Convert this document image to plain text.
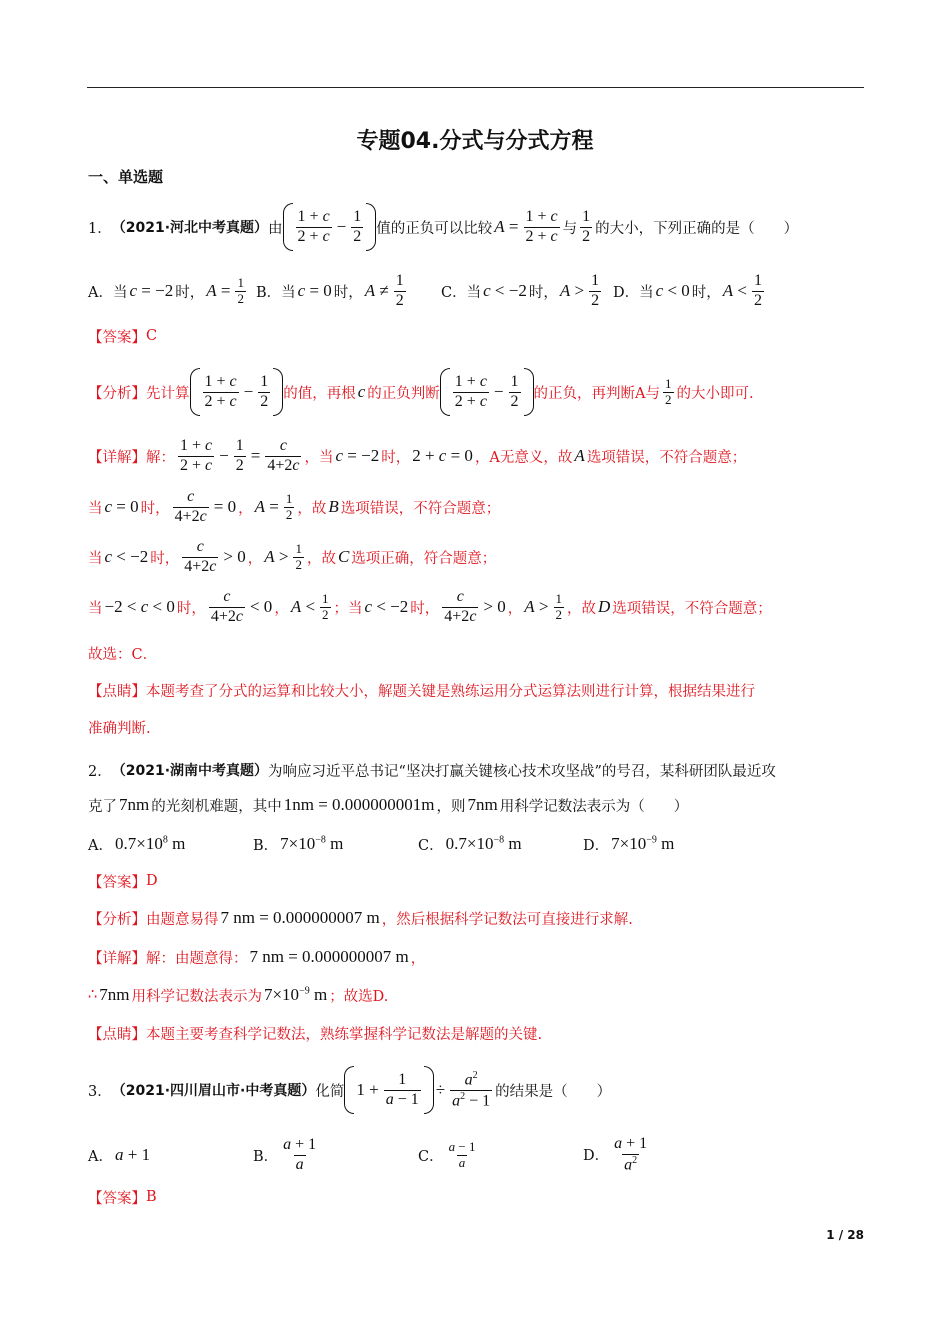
专题04.分式与分式方程
一、单选题
1． （2021·河北中考真题） 由 $\frac{1 + c}{2 + c} - \frac{1}{2}$ 值的正负可以比较 $A = \frac{1 + c}{2 + c}$ 与 $\frac{1}{2}$ 的大小，下列正确的是（　　）
A．当 c = −2 时， $A = \frac{1}{2}$ B．当 c = 0 时， $A \ne \frac{1}{2}$ C．当 c < −2 时， $A > \frac{1}{2}$ D．当 c < 0 时， $A < \frac{1}{2}$
【答案】 C
【分析】 先计算 $\frac{1 + c}{2 + c} - \frac{1}{2}$ 的值，再根 c 的正负判断 $\frac{1 + c}{2 + c} - \frac{1}{2}$ 的正负，再判断A与 $\frac{1}{2}$ 的大小即可.
【详解】 解： $\frac{1 + c}{2 + c} - \frac{1}{2} = \frac{c}{4+2c}$ ，当 c = −2 时， 2 + c = 0 ，A无意义，故 A 选项错误，不符合题意；
当 c = 0 时， $\frac{c}{4+2c} = 0$ ， $A = \frac{1}{2}$ ，故 B 选项错误，不符合题意；
当 c < −2 时， $\frac{c}{4+2c} > 0$ ， $A > \frac{1}{2}$ ，故 C 选项正确，符合题意；
当 −2 < c < 0 时， $\frac{c}{4+2c} < 0$ ， $A < \frac{1}{2}$ ；当 c < −2 时， $\frac{c}{4+2c} > 0$ ， $A > \frac{1}{2}$ ，故 D 选项错误，不符合题意；
故选：C．
【点睛】 本题考查了分式的运算和比较大小，解题关键是熟练运用分式运算法则进行计算，根据结果进行
准确判断.
2． （2021·湖南中考真题） 为响应习近平总书记“坚决打赢关键核心技术攻坚战”的号召，某科研团队最近攻
克了 7nm 的光刻机难题，其中 1nm = 0.000000001m ，则 7nm 用科学记数法表示为（　　）
A． $0.7\times 10^8$ m	B． $7\times 10^{-8}$ m	C． $0.7\times 10^{-8}$ m	D． $7\times 10^{-9}$ m
【答案】 D
【分析】 由题意易得 7 nm = 0.000000007 m ，然后根据科学记数法可直接进行求解.
【详解】 解：由题意得： 7 nm = 0.000000007 m ，
∴ 7nm 用科学记数法表示为 $7\times 10^{-9}$ m ；故选D.
【点睛】 本题主要考查科学记数法，熟练掌握科学记数法是解题的关键.
3． （2021·四川眉山市·中考真题） 化简 $1 + \frac{1}{a - 1} \div \frac{a^2}{a^2 - 1}$ 的结果是（　　）
A． a + 1	B． $\frac{a + 1}{a}$	C． $\frac{a - 1}{a}$	D． $\frac{a + 1}{a^2}$
【答案】 B
1 / 28
